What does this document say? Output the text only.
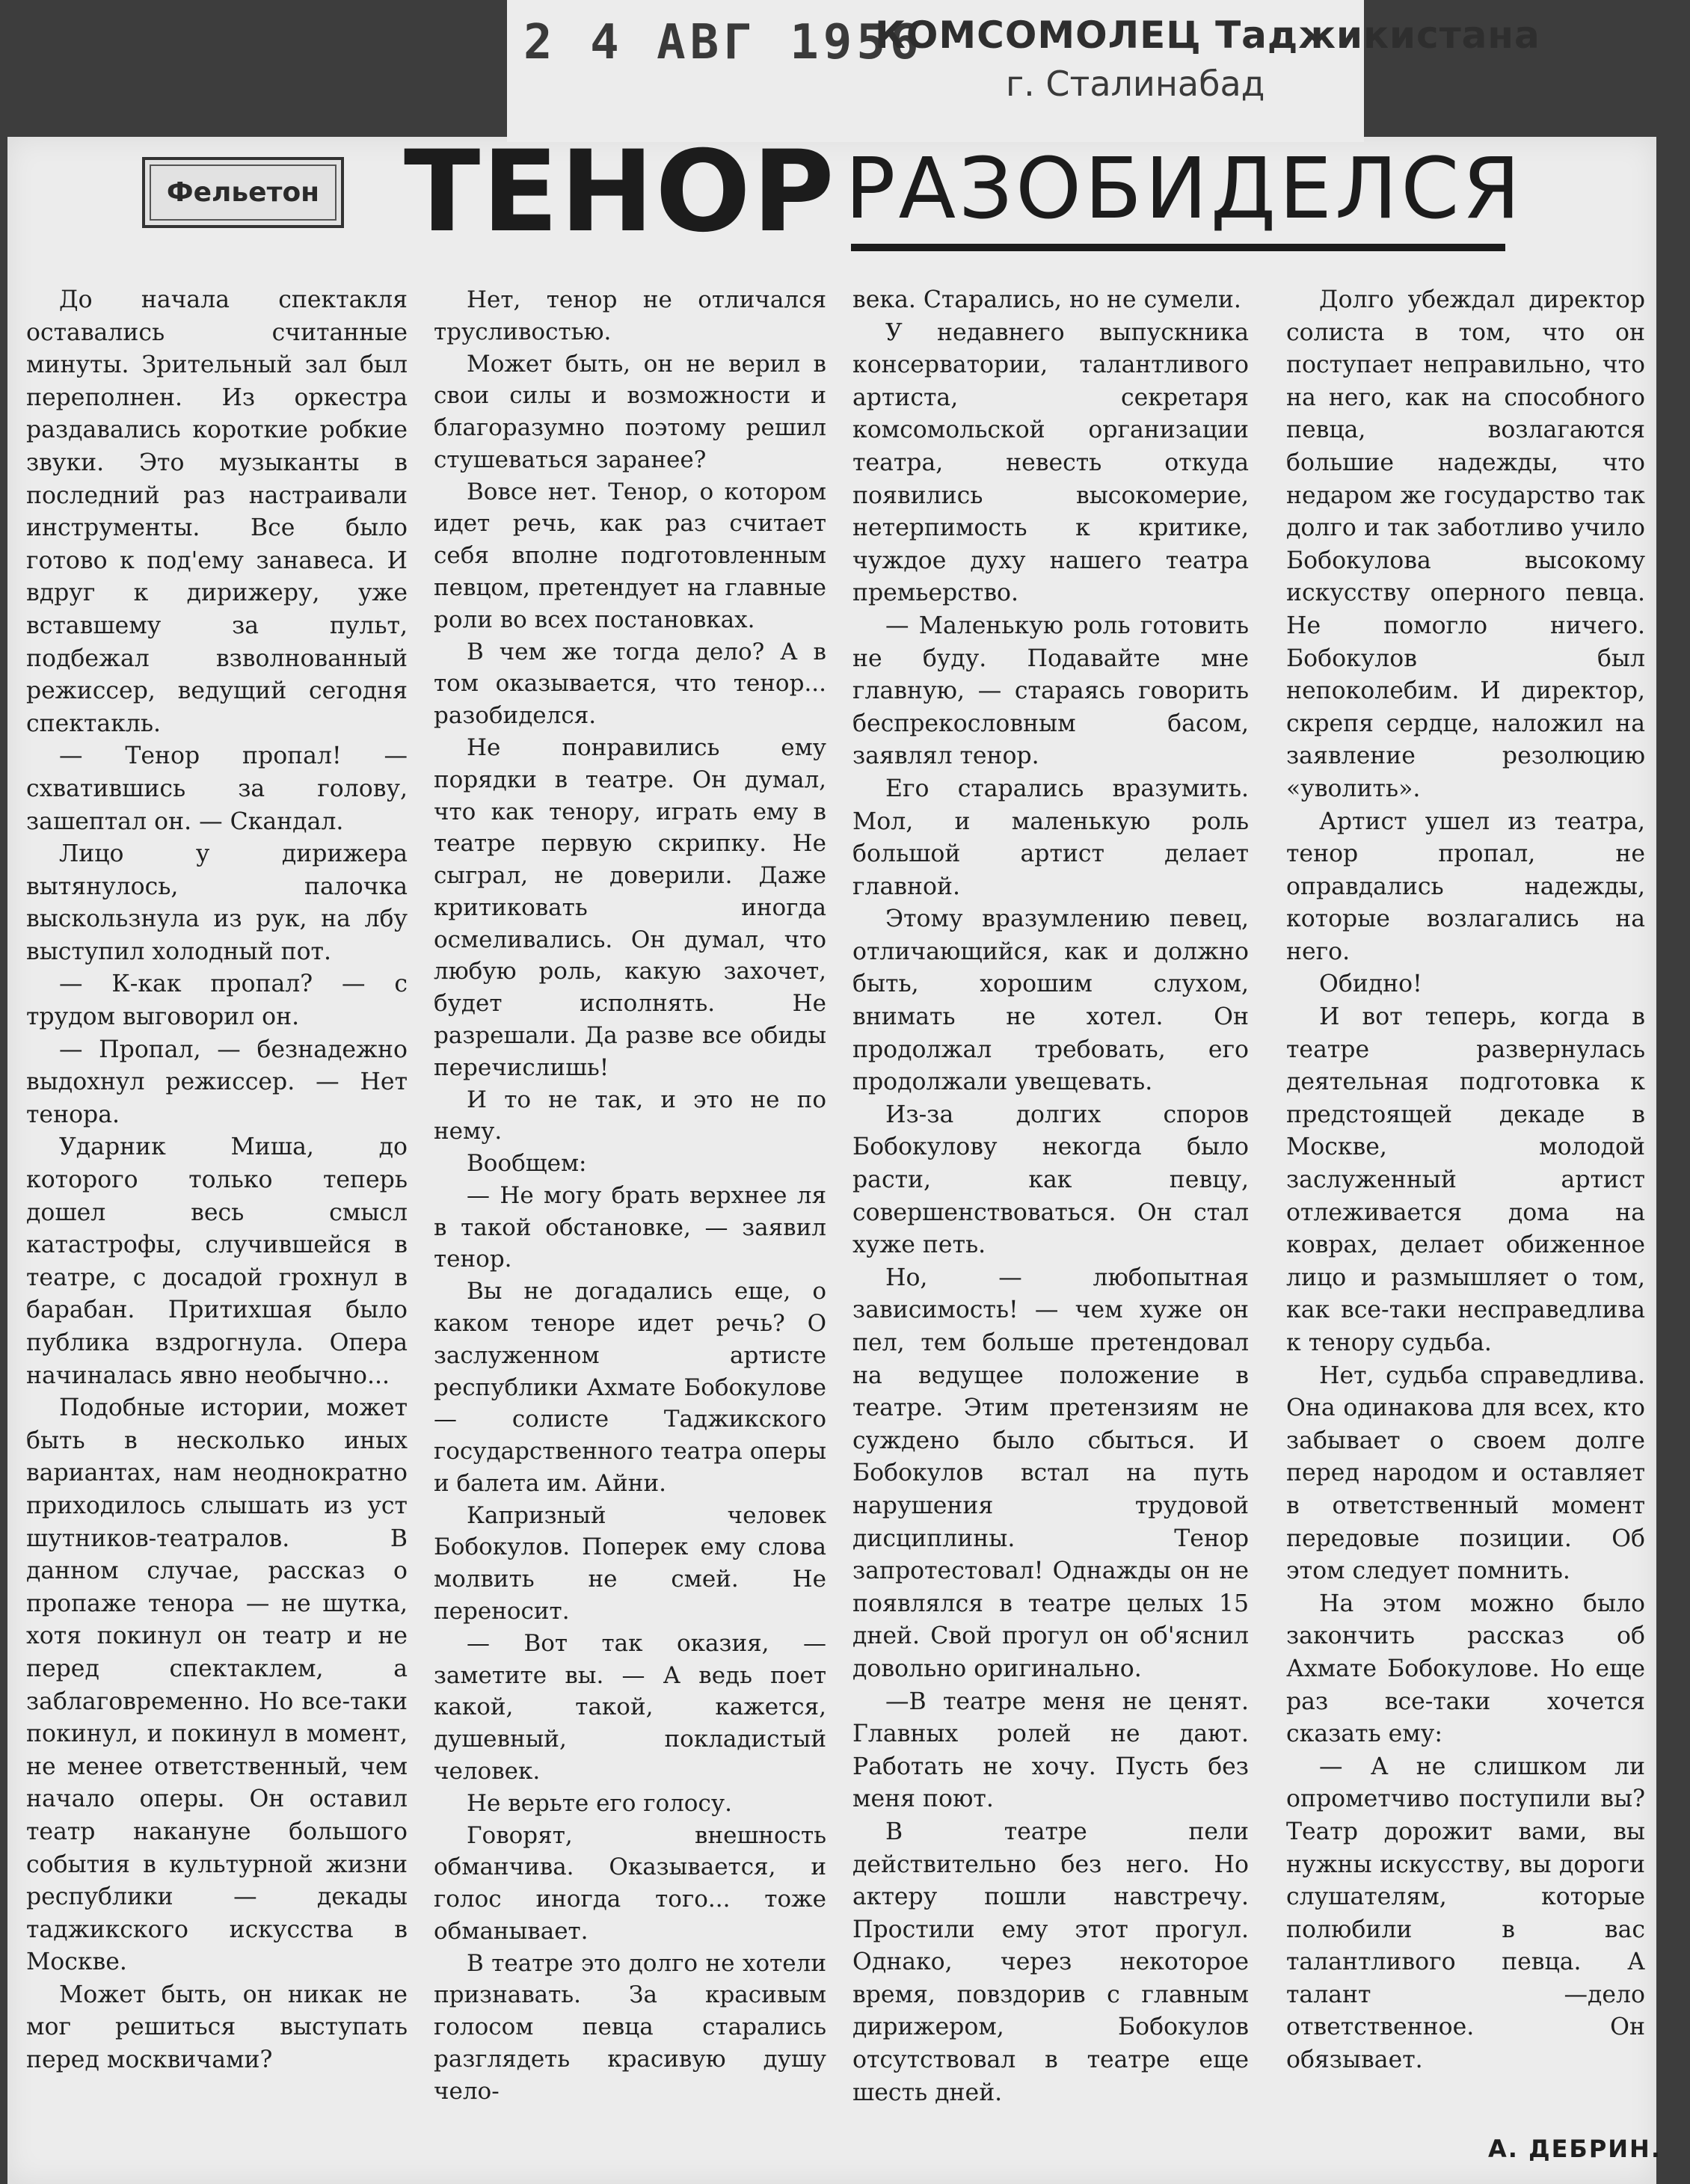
2 4 АВГ 1956
КОМСОМОЛЕЦ Таджикистана
г. Сталинабад
Фельетон ТЕНОР РАЗОБИДЕЛСЯ

До начала спектакля оставались считанные минуты. Зрительный зал был переполнен. Из оркестра раздавались короткие робкие звуки. Это музыканты в последний раз настраивали инструменты. Все было готово к под'ему занавеса. И вдруг к дирижеру, уже вставшему за пульт, подбежал взволнованный режиссер, ведущий сегодня спектакль.

— Тенор пропал! — схватившись за голову, зашептал он. — Скандал.

Лицо у дирижера вытянулось, палочка выскользнула из рук, на лбу выступил холодный пот.

— К-как пропал? — с трудом выговорил он.

— Пропал, — безнадежно выдохнул режиссер. — Нет тенора.

Ударник Миша, до которого только теперь дошел весь смысл катастрофы, случившейся в театре, с досадой грохнул в барабан. Притихшая было публика вздрогнула. Опера начиналась явно необычно...

Подобные истории, может быть в несколько иных вариантах, нам неоднократно приходилось слышать из уст шутников-театралов. В данном случае, рассказ о пропаже тенора — не шутка, хотя покинул он театр и не перед спектаклем, а заблаговременно. Но все-таки покинул, и покинул в момент, не менее ответственный, чем начало оперы. Он оставил театр накануне большого события в культурной жизни республики — декады таджикского искусства в Москве.

Может быть, он никак не мог решиться выступать перед москвичами?

Нет, тенор не отличался трусливостью.

Может быть, он не верил в свои силы и возможности и благоразумно поэтому решил стушеваться заранее?

Вовсе нет. Тенор, о котором идет речь, как раз считает себя вполне подготовленным певцом, претендует на главные роли во всех постановках.

В чем же тогда дело? А в том оказывается, что тенор... разобиделся.

Не понравились ему порядки в театре. Он думал, что как тенору, играть ему в театре первую скрипку. Не сыграл, не доверили. Даже критиковать иногда осмеливались. Он думал, что любую роль, какую захочет, будет исполнять. Не разрешали. Да разве все обиды перечислишь!

И то не так, и это не по нему.

Вообщем:

— Не могу брать верхнее ля в такой обстановке, — заявил тенор.

Вы не догадались еще, о каком теноре идет речь? О заслуженном артисте республики Ахмате Бобокулове — солисте Таджикского государственного театра оперы и балета им. Айни.

Капризный человек Бобокулов. Поперек ему слова молвить не смей. Не переносит.

— Вот так оказия, — заметите вы. — А ведь поет какой, такой, кажется, душевный, покладистый человек.

Не верьте его голосу.

Говорят, внешность обманчива. Оказывается, и голос иногда того... тоже обманывает.

В театре это долго не хотели признавать. За красивым голосом певца старались разглядеть красивую душу чело-

века. Старались, но не сумели.

У недавнего выпускника консерватории, талантливого артиста, секретаря комсомольской организации театра, невесть откуда появились высокомерие, нетерпимость к критике, чуждое духу нашего театра премьерство.

— Маленькую роль готовить не буду. Подавайте мне главную, — стараясь говорить беспрекословным басом, заявлял тенор.

Его старались вразумить. Мол, и маленькую роль большой артист делает главной.

Этому вразумлению певец, отличающийся, как и должно быть, хорошим слухом, внимать не хотел. Он продолжал требовать, его продолжали увещевать.

Из-за долгих споров Бобокулову некогда было расти, как певцу, совершенствоваться. Он стал хуже петь.

Но, — любопытная зависимость! — чем хуже он пел, тем больше претендовал на ведущее положение в театре. Этим претензиям не суждено было сбыться. И Бобокулов встал на путь нарушения трудовой дисциплины. Тенор запротестовал! Однажды он не появлялся в театре целых 15 дней. Свой прогул он об'яснил довольно оригинально.

—В театре меня не ценят. Главных ролей не дают. Работать не хочу. Пусть без меня поют.

В театре пели действительно без него. Но актеру пошли навстречу. Простили ему этот прогул. Однако, через некоторое время, повздорив с главным дирижером, Бобокулов отсутствовал в театре еще шесть дней.

Долго убеждал директор солиста в том, что он поступает неправильно, что на него, как на способного певца, возлагаются большие надежды, что недаром же государство так долго и так заботливо учило Бобокулова высокому искусству оперного певца. Не помогло ничего. Бобокулов был непоколебим. И директор, скрепя сердце, наложил на заявление резолюцию «уволить».

Артист ушел из театра, тенор пропал, не оправдались надежды, которые возлагались на него.

Обидно!

И вот теперь, когда в театре развернулась деятельная подготовка к предстоящей декаде в Москве, молодой заслуженный артист отлеживается дома на коврах, делает обиженное лицо и размышляет о том, как все-таки несправедлива к тенору судьба.

Нет, судьба справедлива. Она одинакова для всех, кто забывает о своем долге перед народом и оставляет в ответственный момент передовые позиции. Об этом следует помнить.

На этом можно было закончить рассказ об Ахмате Бобокулове. Но еще раз все-таки хочется сказать ему:

— А не слишком ли опрометчиво поступили вы? Театр дорожит вами, вы нужны искусству, вы дороги слушателям, которые полюбили в вас талантливого певца. А талант —дело ответственное. Он обязывает.

А. ДЕБРИН.
